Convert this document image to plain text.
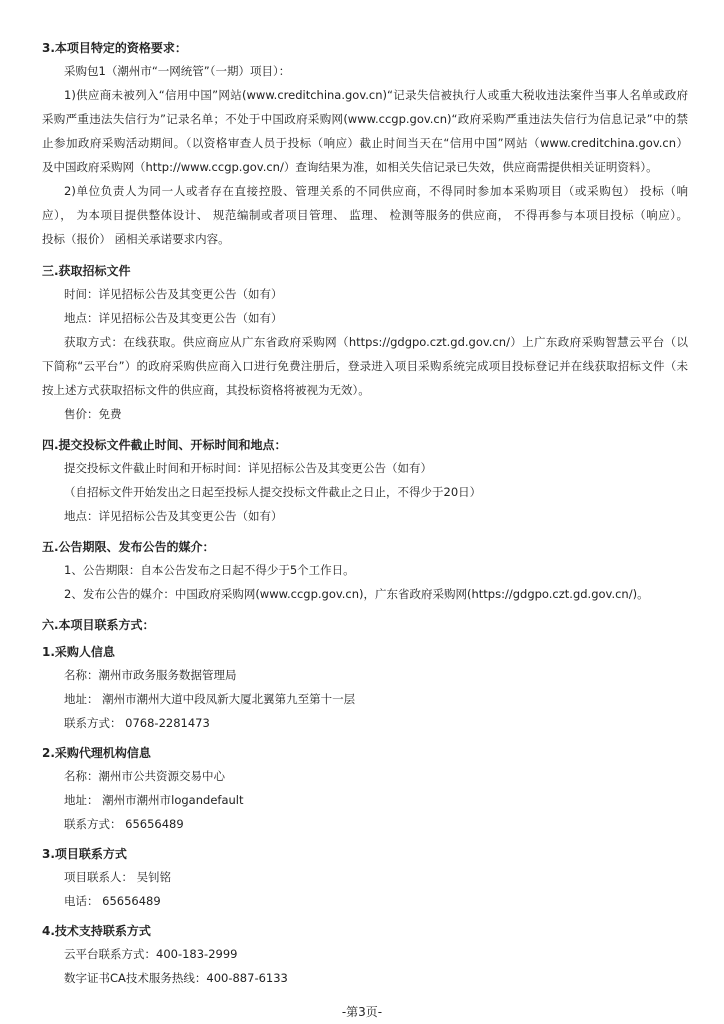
3.本项目特定的资格要求：
采购包1（潮州市“一网统管”（一期）项目）：
1)供应商未被列入“信用中国”网站(www.creditchina.gov.cn)“记录失信被执行人或重大税收违法案件当事人名单或政府
采购严重违法失信行为”记录名单；不处于中国政府采购网(www.ccgp.gov.cn)“政府采购严重违法失信行为信息记录”中的禁
止参加政府采购活动期间。（以资格审查人员于投标（响应）截止时间当天在“信用中国”网站（www.creditchina.gov.cn）
及中国政府采购网（http://www.ccgp.gov.cn/）查询结果为准，如相关失信记录已失效，供应商需提供相关证明资料）。
2)单位负责人为同一人或者存在直接控股、管理关系的不同供应商，不得同时参加本采购项目（或采购包） 投标（响
应）， 为本项目提供整体设计、 规范编制或者项目管理、 监理、 检测等服务的供应商， 不得再参与本项目投标（响应）。
投标（报价） 函相关承诺要求内容。
三.获取招标文件
时间：详见招标公告及其变更公告（如有）
地点：详见招标公告及其变更公告（如有）
获取方式：在线获取。供应商应从广东省政府采购网（https://gdgpo.czt.gd.gov.cn/）上广东政府采购智慧云平台（以
下简称“云平台”）的政府采购供应商入口进行免费注册后，登录进入项目采购系统完成项目投标登记并在线获取招标文件（未
按上述方式获取招标文件的供应商，其投标资格将被视为无效）。
售价：免费
四.提交投标文件截止时间、开标时间和地点：
提交投标文件截止时间和开标时间：详见招标公告及其变更公告（如有）
（自招标文件开始发出之日起至投标人提交投标文件截止之日止，不得少于20日）
地点：详见招标公告及其变更公告（如有）
五.公告期限、发布公告的媒介：
1、公告期限：自本公告发布之日起不得少于5个工作日。
2、发布公告的媒介：中国政府采购网(www.ccgp.gov.cn)，广东省政府采购网(https://gdgpo.czt.gd.gov.cn/)。
六.本项目联系方式：
1.采购人信息
名称：潮州市政务服务数据管理局
地址： 潮州市潮州大道中段凤新大厦北翼第九至第十一层
联系方式： 0768-2281473
2.采购代理机构信息
名称：潮州市公共资源交易中心
地址： 潮州市潮州市logandefault
联系方式： 65656489
3.项目联系方式
项目联系人： 吴钊铭
电话： 65656489
4.技术支持联系方式
云平台联系方式：400-183-2999
数字证书CA技术服务热线：400-887-6133
-第3页-
